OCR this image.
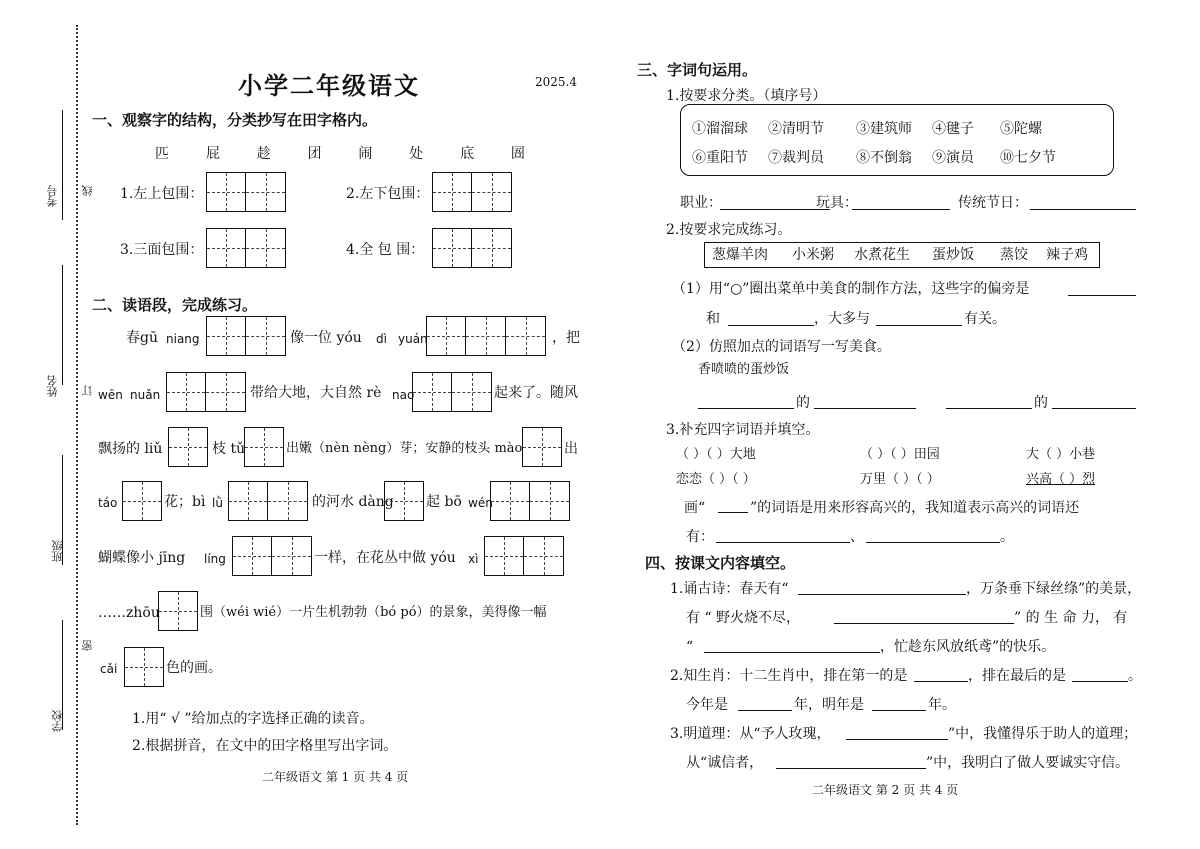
考号 线
姓名 订
班级
密
学校
小学二年级语文	2025.4
一、观察字的结构，分类抄写在田字格内。
匹	屁	趁	团	闹	处	底	圄
1.左上包围：	2.左下包围：
3.三面包围：	4.全 包 围：
二、读语段，完成练习。
春gū niang	像一位 yóu dì yuán	，把
wēn nuǎn	带给大地，大自然 rè nao	起来了。随风
飘扬的 liǔ	枝 tǔ	出嫩（nèn nèng）芽；安静的枝头 mào	出
táo	花；bì lǜ	的河水 dàng 起 bō wén
蝴蝶像小 jīng líng	一样，在花丛中做 yóu xì
……zhōu	围（wéi wié）一片生机勃勃（bó pó）的景象，美得像一幅
cǎi	色的画。
1.用“ √ ”给加点的字选择正确的读音。
2.根据拼音，在文中的田字格里写出字词。
二年级语文 第 1 页 共 4 页
三、字词句运用。
1.按要求分类。（填序号）
①溜溜球 ②清明节 ③建筑师 ④毽子 ⑤陀螺
⑥重阳节 ⑦裁判员 ⑧不倒翁 ⑨演员 ⑩七夕节
职业：	玩具：	传统节日：
2.按要求完成练习。
葱爆羊肉 小米粥 水煮花生 蛋炒饭 蒸饺 辣子鸡
（1）用“○”圈出菜单中美食的制作方法，这些字的偏旁是
和	，大多与	有关。
（2）仿照加点的词语写一写美食。
香喷喷的蛋炒饭
的	的
3.补充四字词语并填空。
（ ）（ ）大地	（ ）（ ）田园	大（ ）小巷
恋恋（ ）（ ）	万里（ ）（ ）	兴高（ ）烈
画“	”的词语是用来形容高兴的，我知道表示高兴的词语还
有：	、	。
四、按课文内容填空。
1.诵古诗：春天有“	，万条垂下绿丝绦”的美景，
有 “ 野火烧不尽，	” 的 生 命 力， 有
“	，忙趁东风放纸鸢”的快乐。
2.知生肖：十二生肖中，排在第一的是	，排在最后的是	。
今年是	年，明年是	年。
3.明道理：从“予人玫瑰，	”中，我懂得乐于助人的道理；
从“诚信者，	”中，我明白了做人要诚实守信。
二年级语文 第 2 页 共 4 页
